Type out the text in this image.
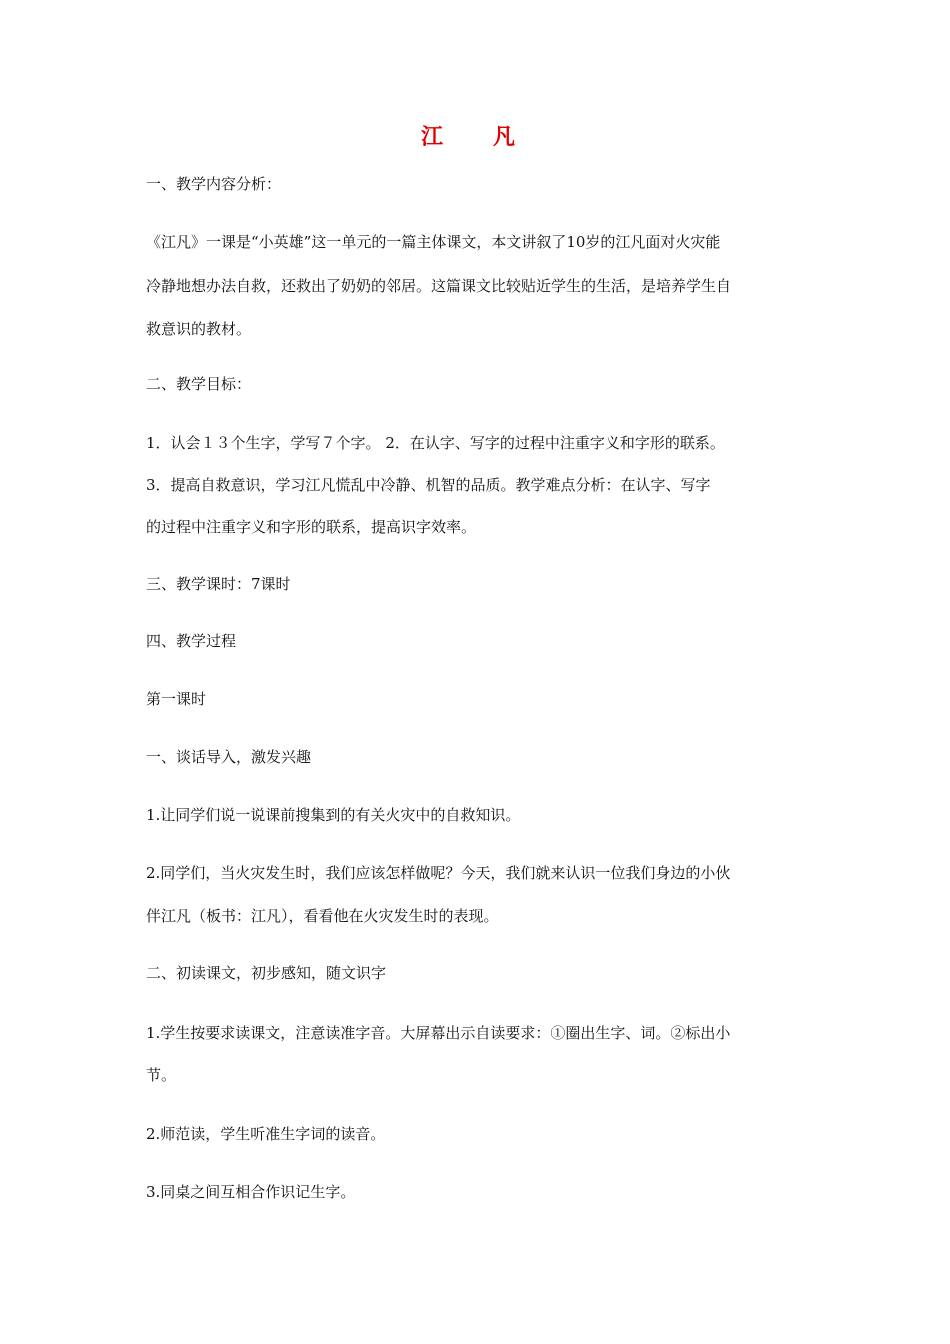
江　凡
一、教学内容分析：
《江凡》一课是“小英雄”这一单元的一篇主体课文，本文讲叙了10岁的江凡面对火灾能
冷静地想办法自救，还救出了奶奶的邻居。这篇课文比较贴近学生的生活，是培养学生自
救意识的教材。
二、教学目标：
1．认会１３个生字，学写７个字。 2．在认字、写字的过程中注重字义和字形的联系。
3．提高自救意识，学习江凡慌乱中冷静、机智的品质。教学难点分析：在认字、写字
的过程中注重字义和字形的联系，提高识字效率。
三、教学课时：7课时
四、教学过程
第一课时
一、谈话导入，激发兴趣
1.让同学们说一说课前搜集到的有关火灾中的自救知识。
2.同学们，当火灾发生时，我们应该怎样做呢？今天，我们就来认识一位我们身边的小伙
伴江凡（板书：江凡），看看他在火灾发生时的表现。
二、初读课文，初步感知，随文识字
1.学生按要求读课文，注意读准字音。大屏幕出示自读要求：①圈出生字、词。②标出小
节。
2.师范读，学生听准生字词的读音。
3.同桌之间互相合作识记生字。
